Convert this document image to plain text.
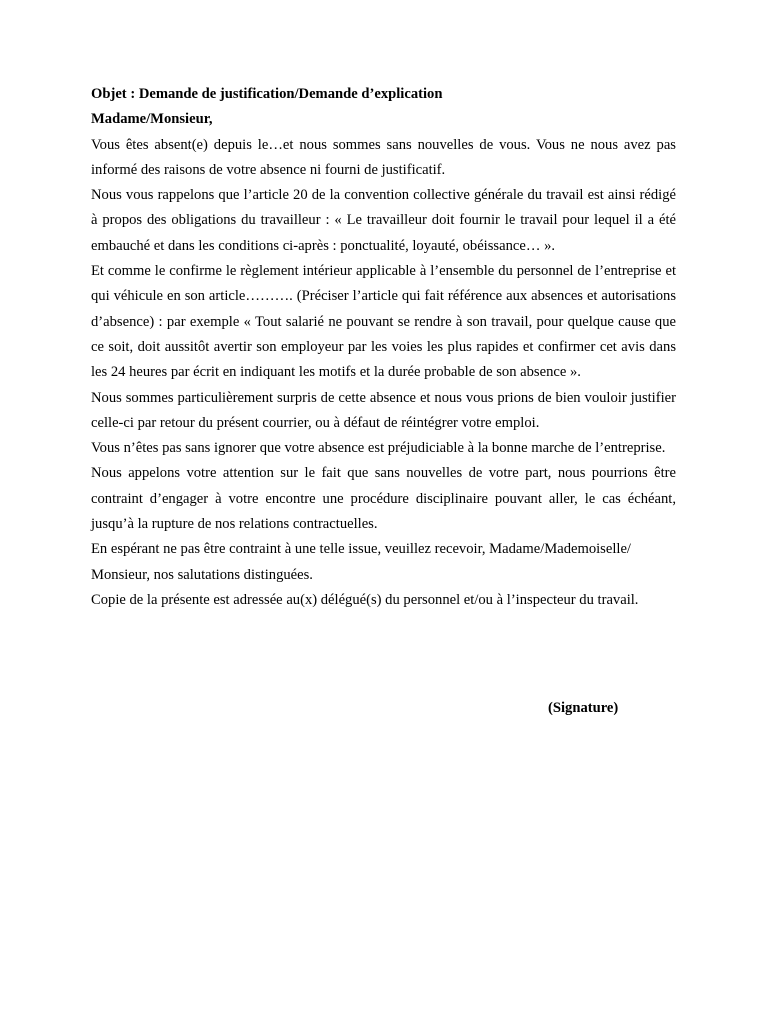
Objet : Demande de justification/Demande d’explication

Madame/Monsieur,

Vous êtes absent(e) depuis le…et nous sommes sans nouvelles de vous. Vous ne nous avez pas informé des raisons de votre absence ni fourni de justificatif.

Nous vous rappelons que l’article 20 de la convention collective générale du travail est ainsi rédigé à propos des obligations du travailleur : « Le travailleur doit fournir le travail pour lequel il a été embauché et dans les conditions ci-après : ponctualité, loyauté, obéissance… ».

Et comme le confirme le règlement intérieur applicable à l’ensemble du personnel de l’entreprise et qui véhicule en son article………. (Préciser l’article qui fait référence aux absences et autorisations d’absence) : par exemple « Tout salarié ne pouvant se rendre à son travail, pour quelque cause que ce soit, doit aussitôt avertir son employeur par les voies les plus rapides et confirmer cet avis dans les 24 heures par écrit en indiquant les motifs et la durée probable de son absence ».

Nous sommes particulièrement surpris de cette absence et nous vous prions de bien vouloir justifier celle-ci par retour du présent courrier, ou à défaut de réintégrer votre emploi.

Vous n’êtes pas sans ignorer que votre absence est préjudiciable à la bonne marche de l’entreprise.

Nous appelons votre attention sur le fait que sans nouvelles de votre part, nous pourrions être contraint d’engager à votre encontre une procédure disciplinaire pouvant aller, le cas échéant, jusqu’à la rupture de nos relations contractuelles.

En espérant ne pas être contraint à une telle issue, veuillez recevoir, Madame/Mademoiselle/

Monsieur, nos salutations distinguées.

Copie de la présente est adressée au(x) délégué(s) du personnel et/ou à l’inspecteur du travail.

(Signature)
